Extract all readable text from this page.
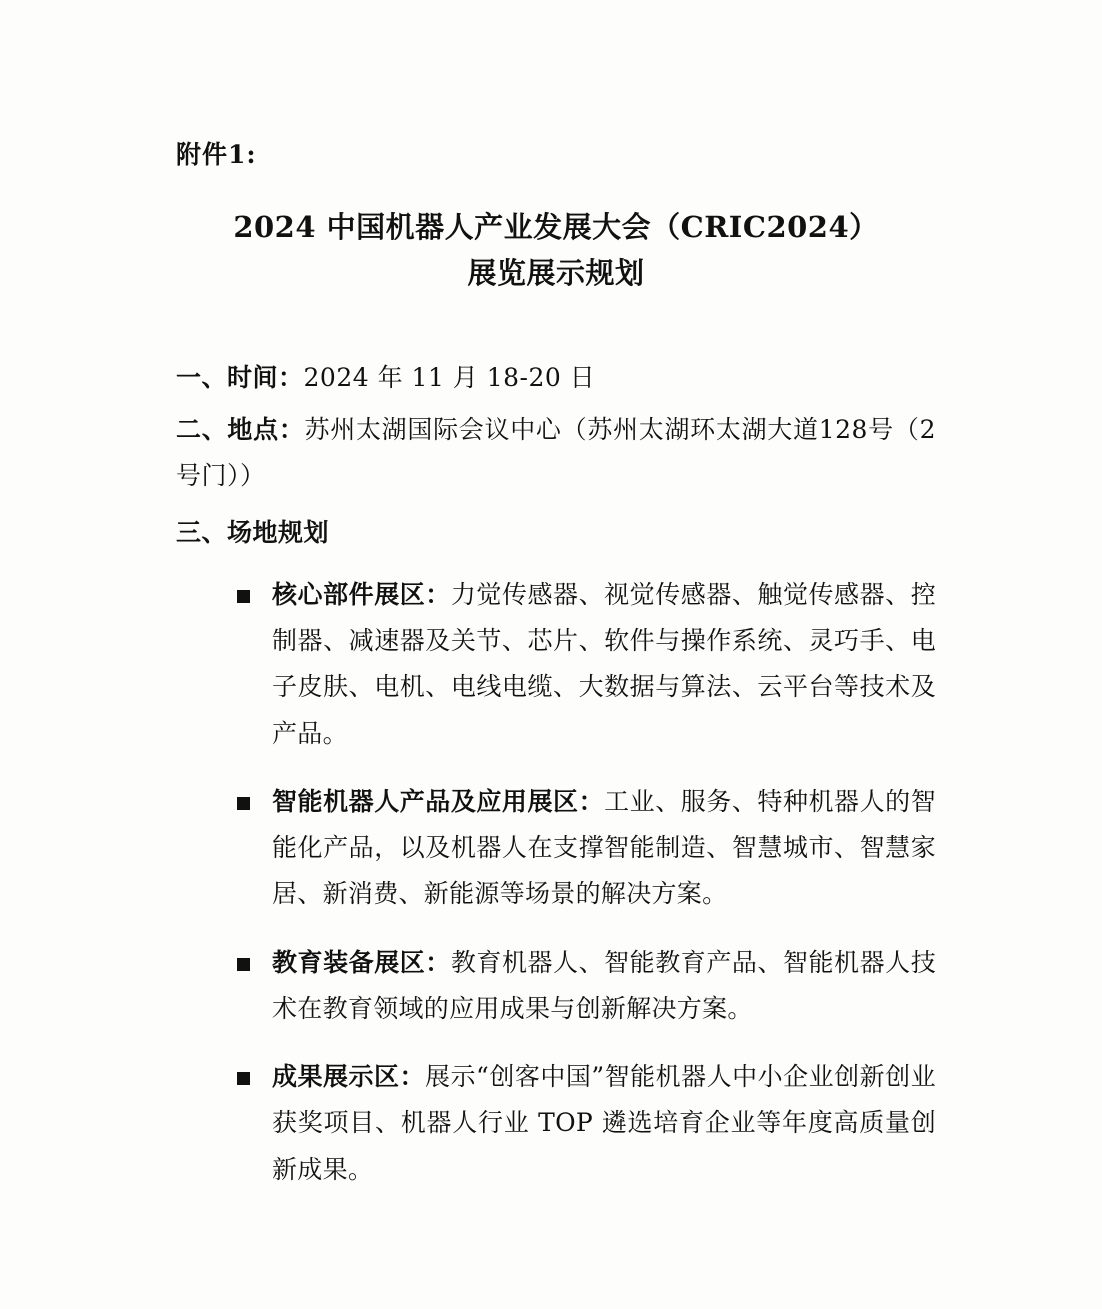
附件1:
2024 中国机器人产业发展大会（CRIC2024）
展览展示规划

一、时间：2024 年 11 月 18-20 日

二、地点：苏州太湖国际会议中心（苏州太湖环太湖大道128号（2号门））

三、场地规划

核心部件展区：力觉传感器、视觉传感器、触觉传感器、控制器、减速器及关节、芯片、软件与操作系统、灵巧手、电子皮肤、电机、电线电缆、大数据与算法、云平台等技术及产品。
智能机器人产品及应用展区：工业、服务、特种机器人的智能化产品，以及机器人在支撑智能制造、智慧城市、智慧家居、新消费、新能源等场景的解决方案。
教育装备展区：教育机器人、智能教育产品、智能机器人技术在教育领域的应用成果与创新解决方案。
成果展示区：展示“创客中国”智能机器人中小企业创新创业获奖项目、机器人行业 TOP 遴选培育企业等年度高质量创新成果。
